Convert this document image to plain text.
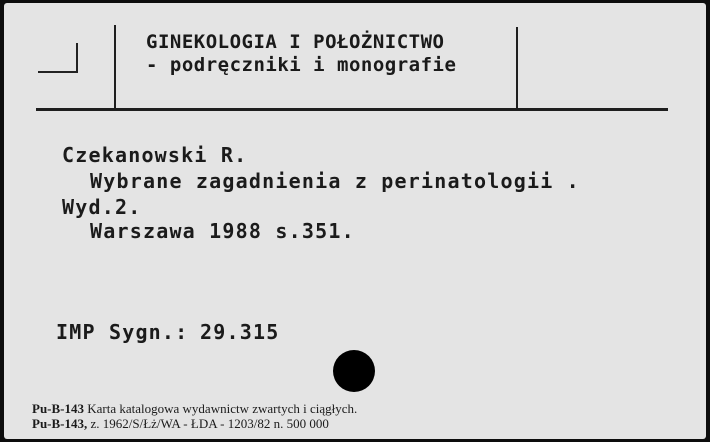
GINEKOLOGIA I POŁOŻNICTWO
- podręczniki i monografie
Czekanowski R.
Wybrane zagadnienia z perinatologii .
Wyd.2.
Warszawa 1988 s.351.
IMP Sygn.: 29.315
Pu-B-143 Karta katalogowa wydawnictw zwartych i ciągłych.
Pu-B-143, z. 1962/S/Łż/WA - ŁDA - 1203/82 n. 500 000
